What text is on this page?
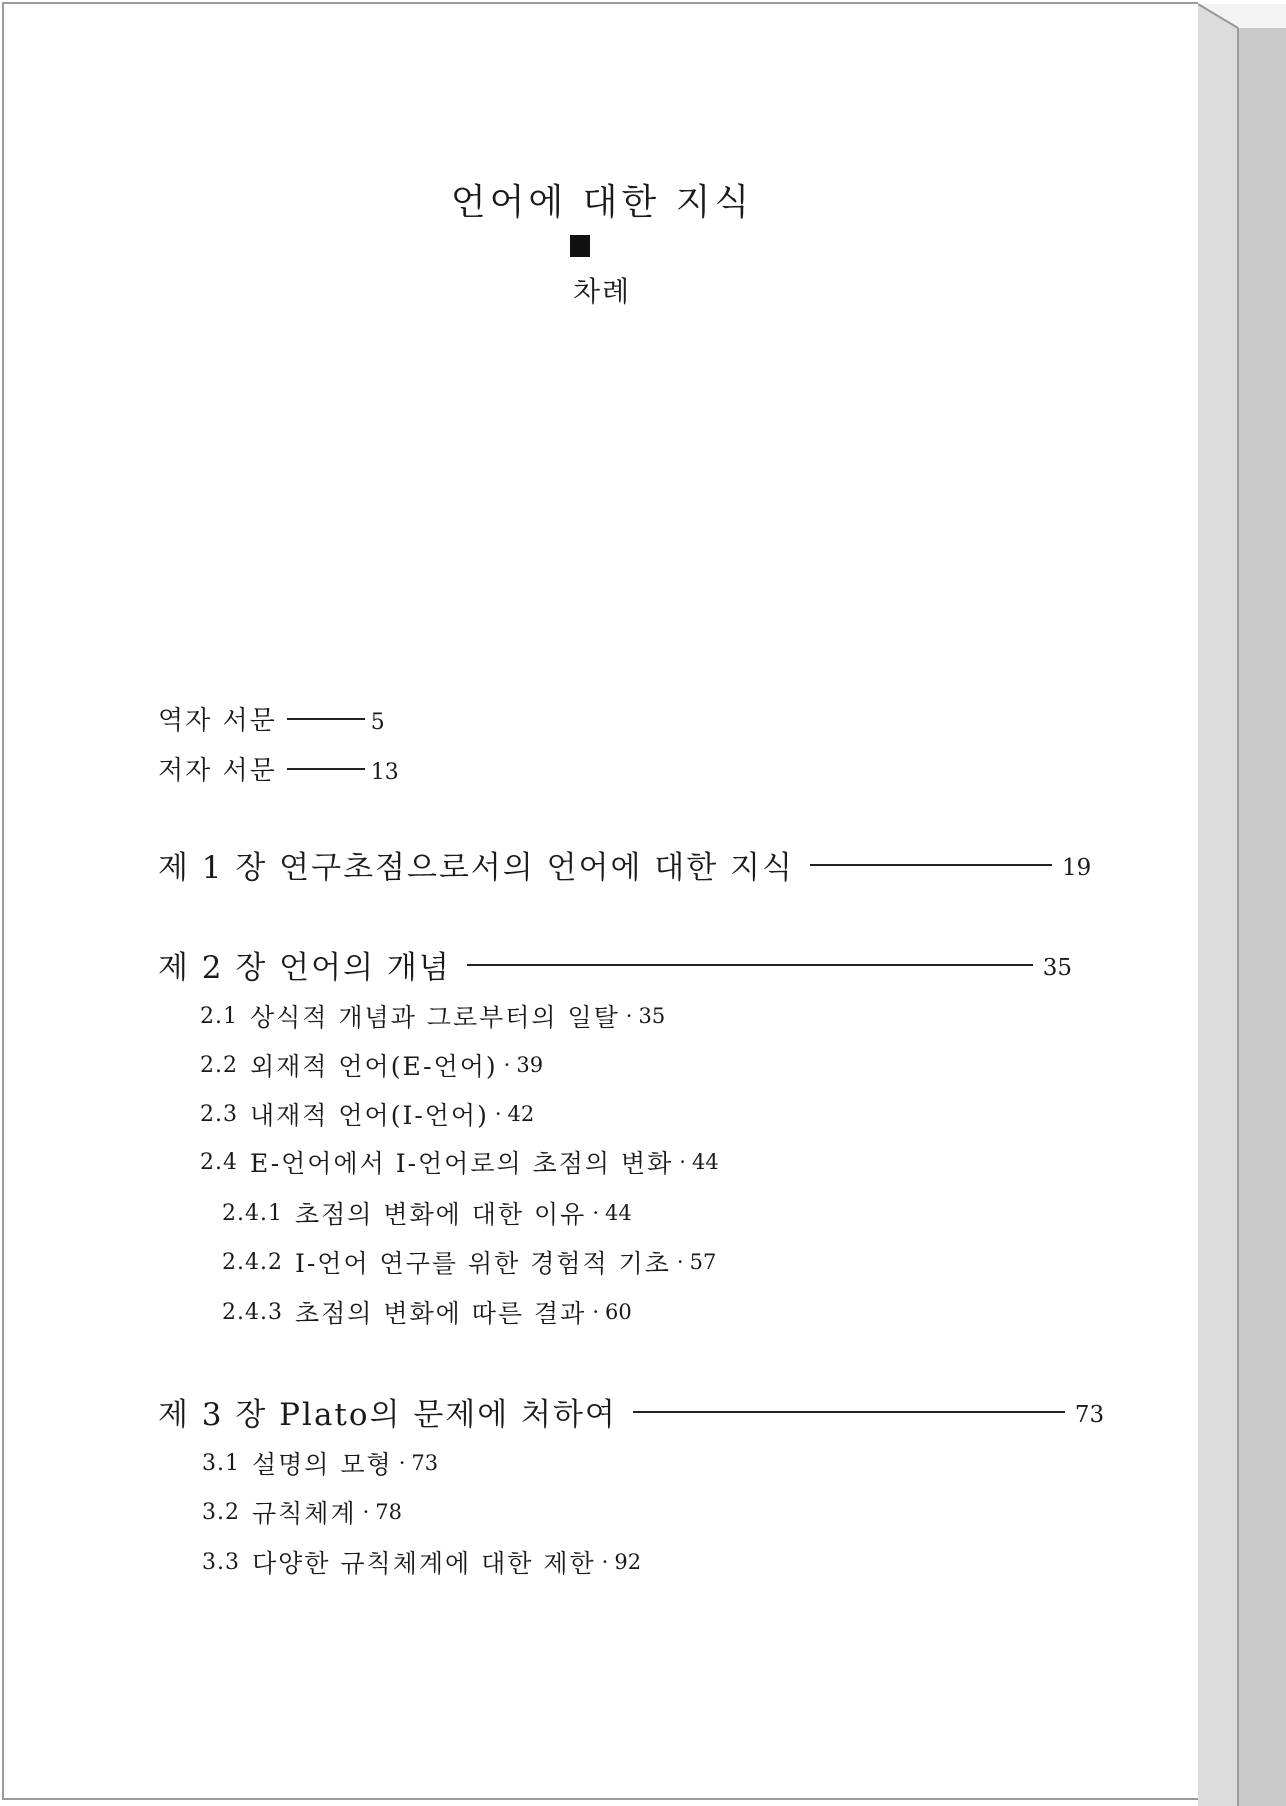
언어에 대한 지식
차례
역자 서문	5
저자 서문	13
제 1 장 연구초점으로서의 언어에 대한 지식	19
제 2 장 언어의 개념	35
2.1 상식적 개념과 그로부터의 일탈 · 35
2.2 외재적 언어(E-언어) · 39
2.3 내재적 언어(I-언어) · 42
2.4 E-언어에서 I-언어로의 초점의 변화 · 44
2.4.1 초점의 변화에 대한 이유 · 44
2.4.2 I-언어 연구를 위한 경험적 기초 · 57
2.4.3 초점의 변화에 따른 결과 · 60
제 3 장 Plato의 문제에 처하여	73
3.1 설명의 모형 · 73
3.2 규칙체계 · 78
3.3 다양한 규칙체계에 대한 제한 · 92
